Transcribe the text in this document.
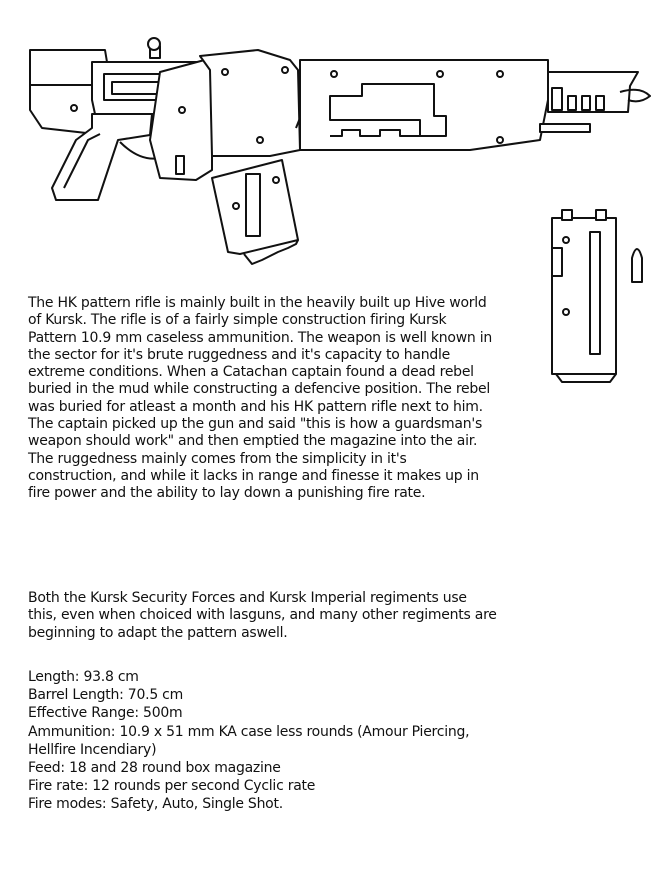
The HK pattern rifle is mainly built in the heavily built up Hive world of Kursk. The rifle is of a fairly simple construction firing Kursk Pattern 10.9 mm caseless ammunition. The weapon is well known in the sector for it's brute ruggedness and it's capacity to handle extreme conditions. When a Catachan captain found a dead rebel buried in the mud while constructing a defencive position. The rebel was buried for atleast a month and his HK pattern rifle next to him. The captain picked up the gun and said "this is how a guardsman's weapon should work" and then emptied the magazine into the air. The ruggedness mainly comes from the simplicity in it's construction, and while it lacks in range and finesse it makes up in fire power and the ability to lay down a punishing fire rate.

Both the Kursk Security Forces and Kursk Imperial regiments use this, even when choiced with lasguns, and many other regiments are beginning to adapt the pattern aswell.

Length: 93.8 cm
Barrel Length: 70.5 cm
Effective Range: 500m
Ammunition: 10.9 x 51 mm KA case less rounds (Amour Piercing, Hellfire Incendiary)
Feed: 18 and 28 round box magazine
Fire rate: 12 rounds per second Cyclic rate
Fire modes: Safety, Auto, Single Shot.
